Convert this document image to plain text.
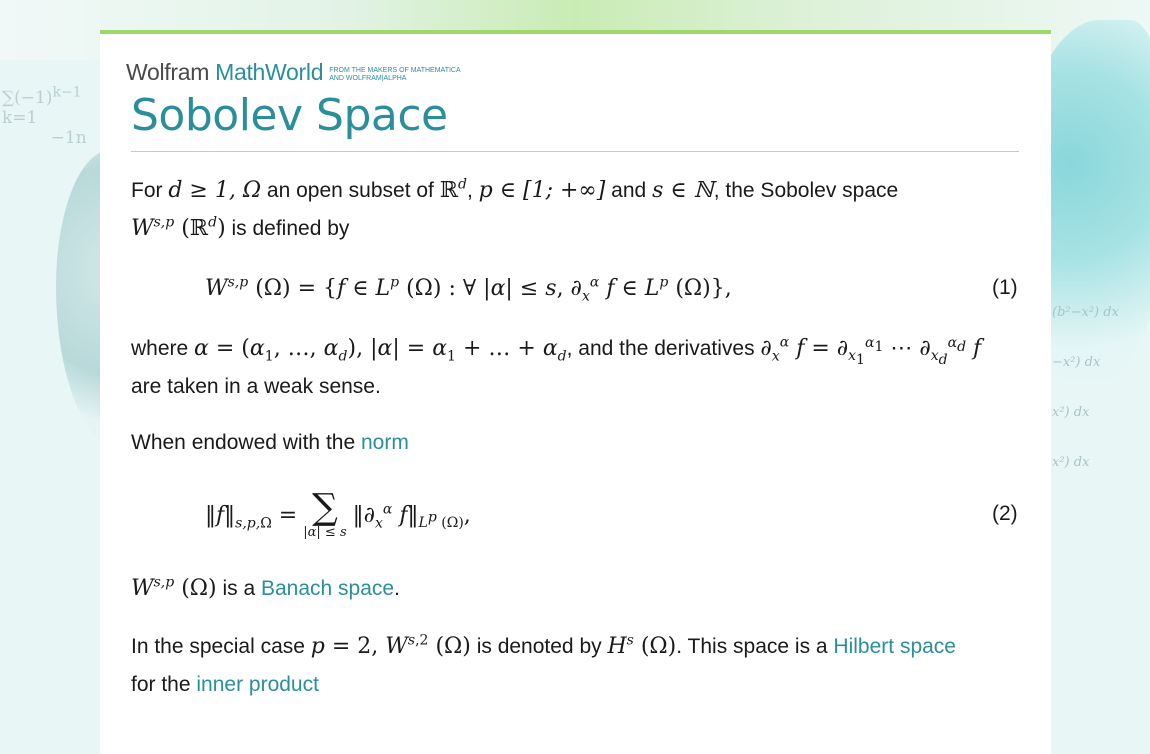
$\sum(-1)^{k-1}$
k=1
−1n
(b²−x²) dx
−x²) dx
x²) dx
x²) dx
Wolfram MathWorld FROM THE MAKERS OF MATHEMATICA
AND WOLFRAM|ALPHA
Sobolev Space

For d ≥ 1, Ω an open subset of ℝ$^d$, p ∈ [1; +∞] and s ∈ ℕ, the Sobolev space
W$^{s,p}$ (ℝ$^d$) is defined by

W$^{s,p}$ (Ω) = {f ∈ $L^p$ (Ω) : ∀ |α| ≤ s, $\partial_x^\alpha$ f ∈ $L^p$ (Ω)},	(1)

where $\alpha = (\alpha_1$, …, $\alpha_d$), $|\alpha| = \alpha_1$ + … + $\alpha_d$, and the derivatives $\partial_x^\alpha$ $f = \partial_{x_1}^{\alpha_1}$ ⋯ $\partial_{x_d}^{\alpha_d}$ f
are taken in a weak sense.

When endowed with the norm

$‖f‖_{s,p,\Omega}$ = ∑
|α| ≤ s
$‖\partial_x^\alpha$ $f‖_{L^p (\Omega)}$,	(2)

W$^{s,p}$ (Ω) is a Banach space.

In the special case p = 2, W$^{s,2}$ (Ω) is denoted by $H^s$ (Ω). This space is a Hilbert space
for the inner product
